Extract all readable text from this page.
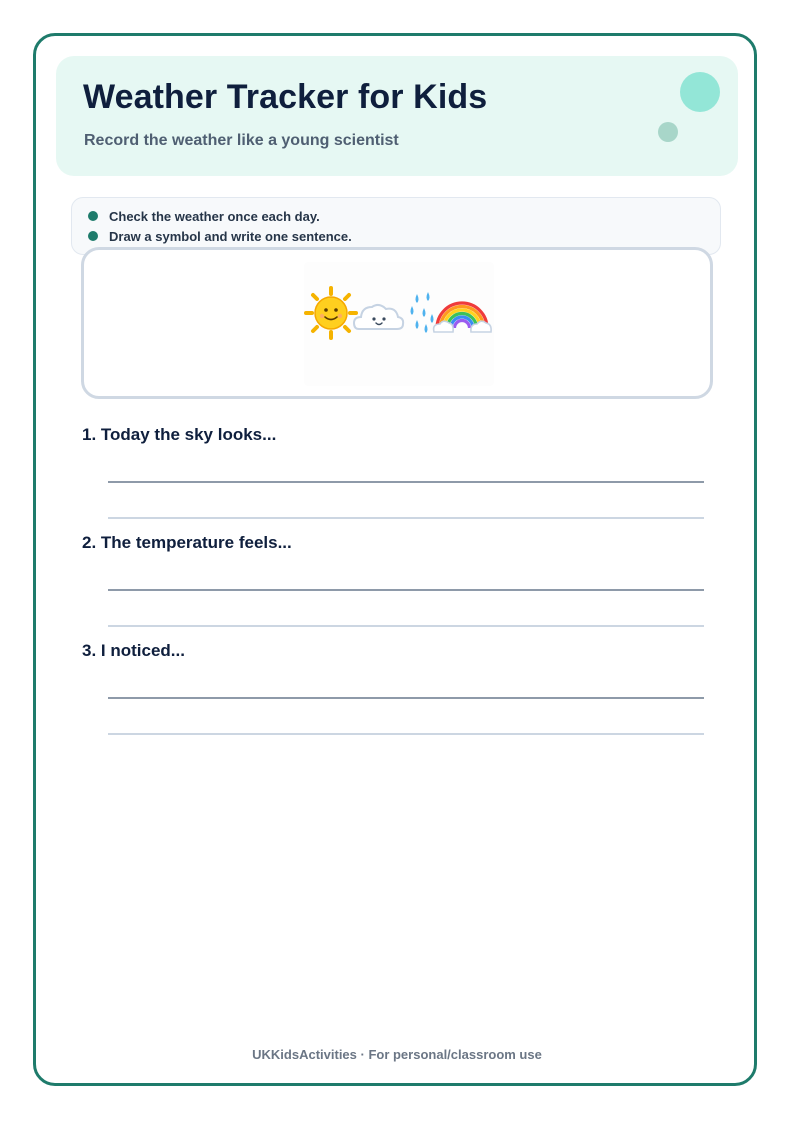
Weather Tracker for Kids

Record the weather like a young scientist

Check the weather once each day.
Draw a symbol and write one sentence.
1. Today the sky looks...
2. The temperature feels...
3. I noticed...
UKKidsActivities · For personal/classroom use
